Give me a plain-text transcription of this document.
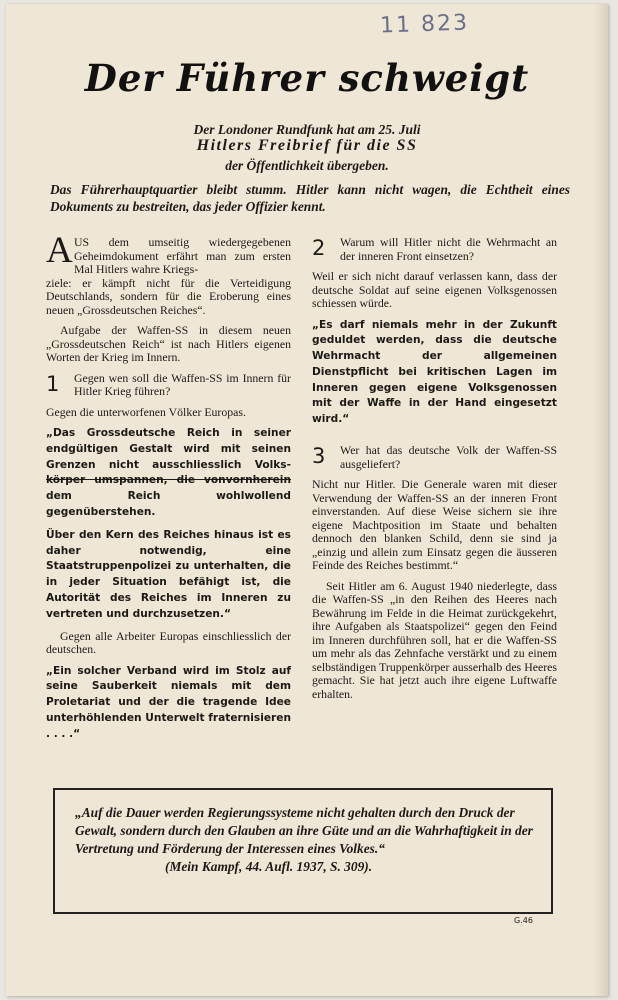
11 823
Der Führer schweigt
Der Londoner Rundfunk hat am 25. Juli
Hitlers Freibrief für die SS
der Öffentlichkeit übergeben.

Das Führerhauptquartier bleibt stumm. Hitler kann nicht wagen, die Echtheit eines Dokuments zu bestreiten, das jeder Offizier kennt.

A US dem umseitig wiedergegebenen Geheimdokument erfährt man zum ersten Mal Hitlers wahre Kriegs-
ziele: er kämpft nicht für die Verteidigung Deutschlands, sondern für die Eroberung eines neuen „Grossdeutschen Reiches“.

Aufgabe der Waffen-SS in diesem neuen „Grossdeutschen Reich“ ist nach Hitlers eigenen Worten der Krieg im Innern.

1	Gegen wen soll die Waffen-SS im Innern für Hitler Krieg führen?

Gegen die unterworfenen Völker Europas.

„Das Grossdeutsche Reich in seiner endgültigen Gestalt wird mit seinen Grenzen nicht ausschliesslich Volks- körper umspannen, die vonvornherein dem Reich wohlwollend gegenüberstehen.

Über den Kern des Reiches hinaus ist es daher notwendig, eine Staatstruppenpolizei zu unterhalten, die in jeder Situation befähigt ist, die Autorität des Reiches im Inneren zu vertreten und durchzusetzen.“

Gegen alle Arbeiter Europas einschliesslich der deutschen.

„Ein solcher Verband wird im Stolz auf seine Sauberkeit niemals mit dem Proletariat und der die tragende Idee unterhöhlenden Unterwelt fraternisieren . . . .“

2	Warum will Hitler nicht die Wehrmacht an der inneren Front einsetzen?

Weil er sich nicht darauf verlassen kann, dass der deutsche Soldat auf seine eigenen Volksgenossen schiessen würde.

„Es darf niemals mehr in der Zukunft geduldet werden, dass die deutsche Wehrmacht der allgemeinen Dienstpflicht bei kritischen Lagen im Inneren gegen eigene Volksgenossen mit der Waffe in der Hand eingesetzt wird.“

3	Wer hat das deutsche Volk der Waffen-SS ausgeliefert?

Nicht nur Hitler. Die Generale waren mit dieser Verwendung der Waffen-SS an der inneren Front einverstanden. Auf diese Weise sichern sie ihre eigene Machtposition im Staate und behalten dennoch den blanken Schild, denn sie sind ja „einzig und allein zum Einsatz gegen die äusseren Feinde des Reiches bestimmt.“

Seit Hitler am 6. August 1940 niederlegte, dass die Waffen-SS „in den Reihen des Heeres nach Bewährung im Felde in die Heimat zurückgekehrt, ihre Aufgaben als Staatspolizei“ gegen den Feind im Inneren durchführen soll, hat er die Waffen-SS um mehr als das Zehnfache verstärkt und zu einem selbständigen Truppenkörper ausserhalb des Heeres gemacht. Sie hat jetzt auch ihre eigene Luftwaffe erhalten.

„Auf die Dauer werden Regierungssysteme nicht gehalten durch den Druck der Gewalt, sondern durch den Glauben an ihre Güte und an die Wahrhaftigkeit in der Vertretung und Förderung der Interessen eines Volkes.“
(Mein Kampf, 44. Aufl. 1937, S. 309).
G.46
